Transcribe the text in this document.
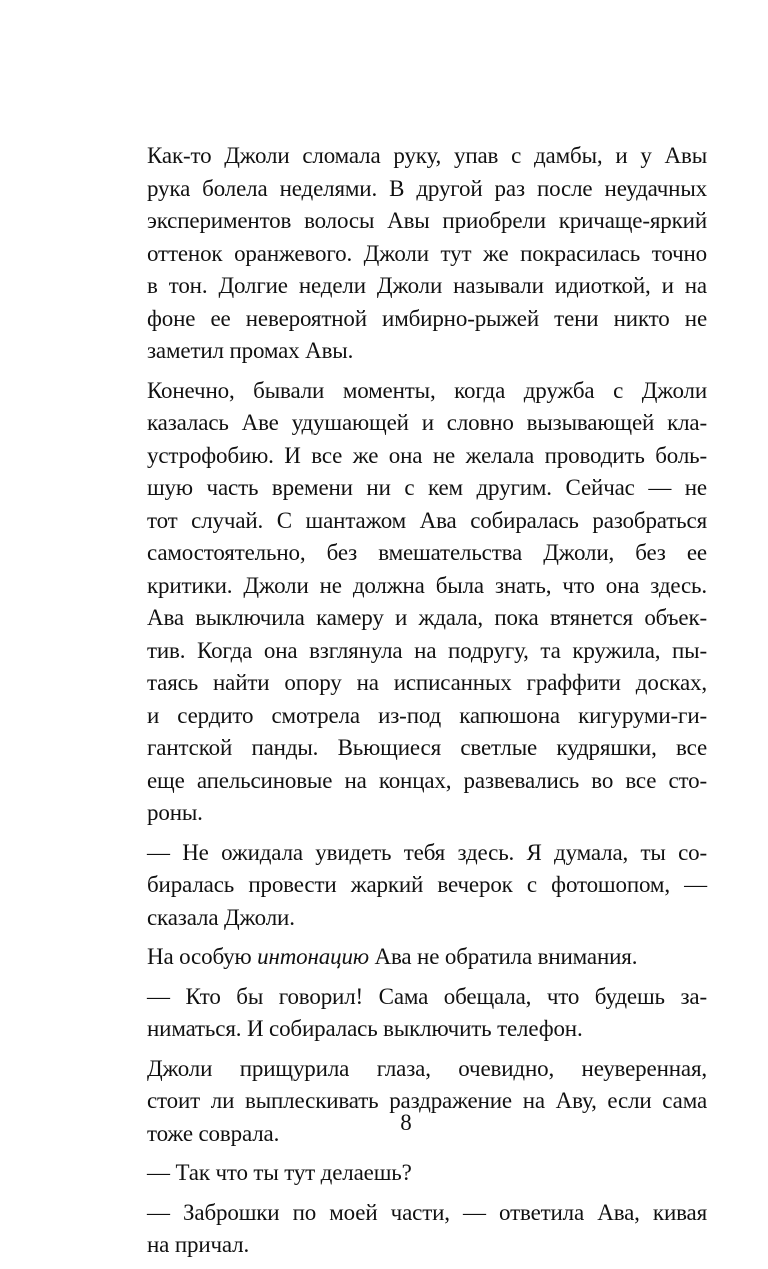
Как-то Джоли сломала руку, упав с дамбы, и у Авы
рука болела неделями. В другой раз после неудачных
экспериментов волосы Авы приобрели кричаще-яркий
оттенок оранжевого. Джоли тут же покрасилась точно
в тон. Долгие недели Джоли называли идиоткой, и на
фоне ее невероятной имбирно-рыжей тени никто не
заметил промах Авы.
Конечно, бывали моменты, когда дружба с Джоли
казалась Аве удушающей и словно вызывающей кла-
устрофобию. И все же она не желала проводить боль-
шую часть времени ни с кем другим. Сейчас — не
тот случай. С шантажом Ава собиралась разобраться
самостоятельно, без вмешательства Джоли, без ее
критики. Джоли не должна была знать, что она здесь.
Ава выключила камеру и ждала, пока втянется объек-
тив. Когда она взглянула на подругу, та кружила, пы-
таясь найти опору на исписанных граффити досках,
и сердито смотрела из-под капюшона кигуруми-ги-
гантской панды. Вьющиеся светлые кудряшки, все
еще апельсиновые на концах, развевались во все сто-
роны.
— Не ожидала увидеть тебя здесь. Я думала, ты со-
биралась провести жаркий вечерок с фотошопом, —
сказала Джоли.
На особую интонацию Ава не обратила внимания.
— Кто бы говорил! Сама обещала, что будешь за-
ниматься. И собиралась выключить телефон.
Джоли прищурила глаза, очевидно, неуверенная,
стоит ли выплескивать раздражение на Аву, если сама
тоже соврала.
— Так что ты тут делаешь?
— Заброшки по моей части, — ответила Ава, кивая
на причал.
8
